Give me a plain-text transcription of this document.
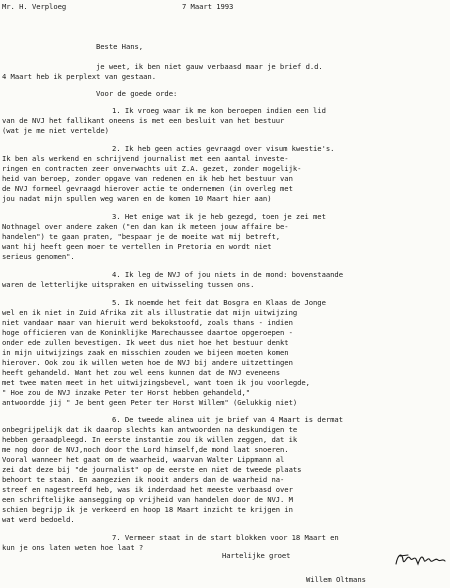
Mr. H. Verploeg	7 Maart 1993
Beste Hans,
je weet, ik ben niet gauw verbaasd maar je brief d.d.
4 Maart heb ik perplext van gestaan.
Voor de goede orde:
1. Ik vroeg waar ik me kon beroepen indien een lid
van de NVJ het fallikant oneens is met een besluit van het bestuur
(wat je me niet vertelde)
2. Ik heb geen acties gevraagd over visum kwestie's.
Ik ben als werkend en schrijvend journalist met een aantal investe-
ringen en contracten zeer onverwachts uit Z.A. gezet, zonder mogelijk-
heid van beroep, zonder opgave van redenen en ik heb het bestuur van
de NVJ formeel gevraagd hierover actie te ondernemen (in overleg met
jou nadat mijn spullen weg waren en de komen 10 Maart hier aan)
3. Het enige wat ik je heb gezegd, toen je zei met
Nothnagel over andere zaken ("en dan kan ik meteen jouw affaire be-
handelen") te gaan praten, "bespaar je de moeite wat mij betreft,
want hij heeft geen moer te vertellen in Pretoria en wordt niet
serieus genomen".
4. Ik leg de NVJ of jou niets in de mond: bovenstaande
waren de letterlijke uitspraken en uitwisseling tussen ons.
5. Ik noemde het feit dat Bosgra en Klaas de Jonge
wel en ik niet in Zuid Afrika zit als illustratie dat mijn uitwijzing
niet vandaar maar van hieruit werd bekokstoofd, zoals thans - indien
hoge officieren van de Koninklijke Marechaussee daartoe opgeroepen -
onder ede zullen bevestigen. Ik weet dus niet hoe het bestuur denkt
in mijn uitwijzings zaak en misschien zouden we bijeen moeten komen
hierover. Ook zou ik willen weten hoe de NVJ bij andere uitzettingen
heeft gehandeld. Want het zou wel eens kunnen dat de NVJ eveneens
met twee maten meet in het uitwijzingsbevel, want toen ik jou voorlegde,
" Hoe zou de NVJ inzake Peter ter Horst hebben gehandeld,"
antwoordde jij " Je bent geen Peter ter Horst Willem" (Gelukkig niet)
6. De tweede alinea uit je brief van 4 Maart is dermat
onbegrijpelijk dat ik daarop slechts kan antwoorden na deskundigen te
hebben geraadpleegd. In eerste instantie zou ik willen zeggen, dat ik
me nog door de NVJ,noch door the Lord himself,de mond laat snoeren.
Vooral wanneer het gaat om de waarheid, waarvan Walter Lippmann al
zei dat deze bij "de journalist" op de eerste en niet de tweede plaats
behoort te staan. En aangezien ik nooit anders dan de waarheid na-
streef en nagestreefd heb, was ik inderdaad het meeste verbaasd over
een schriftelijke aansegging op vrijheid van handelen door de NVJ. M
schien begrijp ik je verkeerd en hoop 18 Maart inzicht te krijgen in
wat werd bedoeld.
7. Vermeer staat in de start blokken voor 18 Maart en
kun je ons laten weten hoe laat ?
Hartelijke groet
Willem Oltmans
